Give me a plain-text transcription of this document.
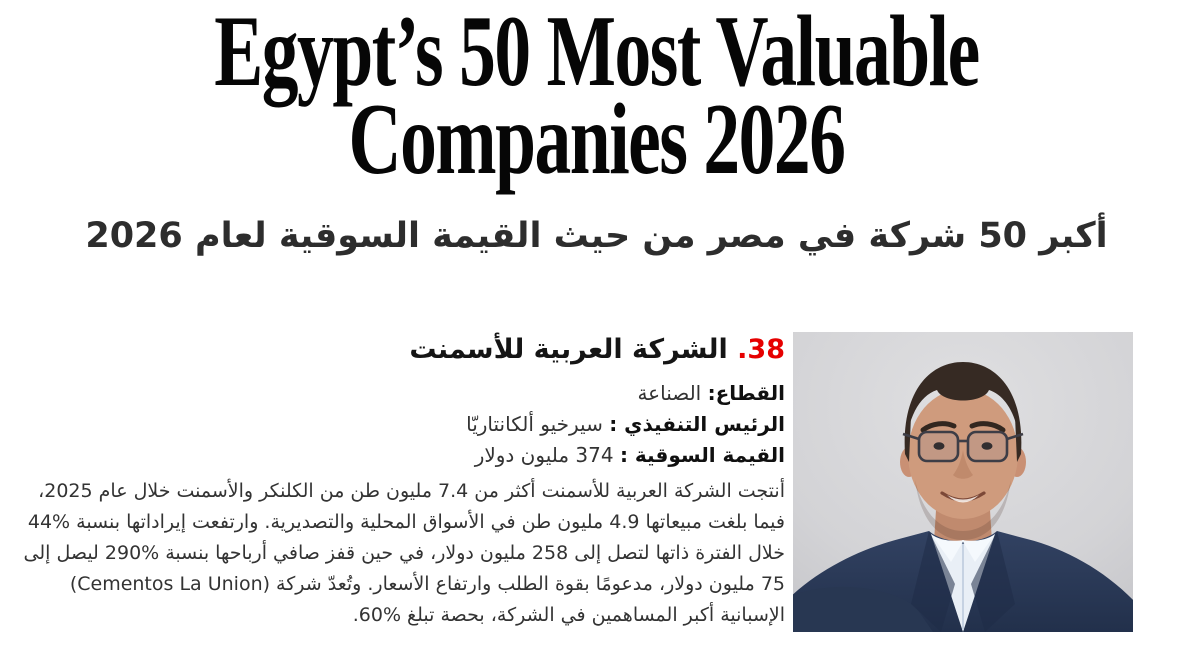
Egypt’s 50 Most Valuable
Companies 2026
أكبر 50 شركة في مصر من حيث القيمة السوقية لعام 2026
38. الشركة العربية للأسمنت
القطاع: الصناعة
الرئيس التنفيذي : سيرخيو ألكانتاريّا
القيمة السوقية : 374 مليون دولار

أنتجت الشركة العربية للأسمنت أكثر من 7.4 مليون طن من الكلنكر والأسمنت خلال عام 2025، فيما بلغت مبيعاتها 4.9 مليون طن في الأسواق المحلية والتصديرية. وارتفعت إيراداتها بنسبة %44 خلال الفترة ذاتها لتصل إلى 258 مليون دولار، في حين قفز صافي أرباحها بنسبة %290 ليصل إلى 75 مليون دولار، مدعومًا بقوة الطلب وارتفاع الأسعار. وتُعدّ شركة (Cementos La Union) الإسبانية أكبر المساهمين في الشركة، بحصة تبلغ %60.
